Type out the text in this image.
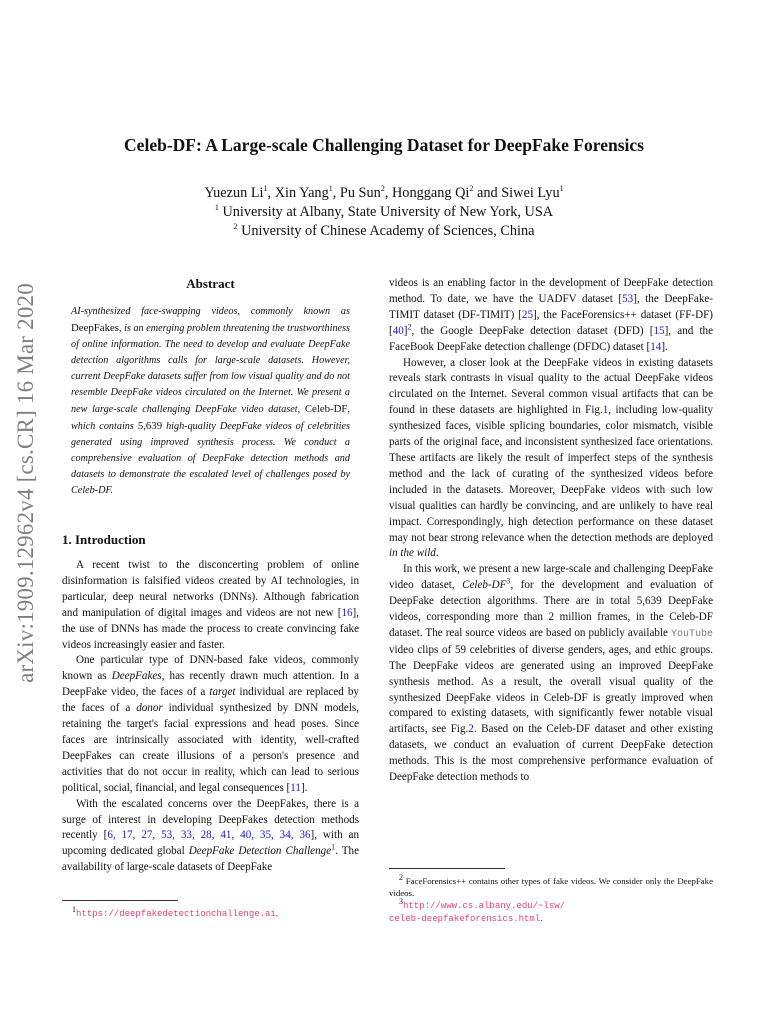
arXiv:1909.12962v4 [cs.CR] 16 Mar 2020
Celeb-DF: A Large-scale Challenging Dataset for DeepFake Forensics
Yuezun Li$^1$, Xin Yang$^1$, Pu Sun$^2$, Honggang Qi$^2$ and Siwei Lyu$^1$
$^1$ University at Albany, State University of New York, USA
$^2$ University of Chinese Academy of Sciences, China
Abstract

AI-synthesized face-swapping videos, commonly known as DeepFakes, is an emerging problem threatening the trustworthiness of online information. The need to develop and evaluate DeepFake detection algorithms calls for large-scale datasets. However, current DeepFake datasets suffer from low visual quality and do not resemble DeepFake videos circulated on the Internet. We present a new large-scale challenging DeepFake video dataset, Celeb-DF, which contains 5,639 high-quality DeepFake videos of celebrities generated using improved synthesis process. We conduct a comprehensive evaluation of DeepFake detection methods and datasets to demonstrate the escalated level of challenges posed by Celeb-DF.

1. Introduction

A recent twist to the disconcerting problem of online disinformation is falsified videos created by AI technologies, in particular, deep neural networks (DNNs). Although fabrication and manipulation of digital images and videos are not new [16], the use of DNNs has made the process to create convincing fake videos increasingly easier and faster.

One particular type of DNN-based fake videos, commonly known as DeepFakes, has recently drawn much attention. In a DeepFake video, the faces of a target individual are replaced by the faces of a donor individual synthesized by DNN models, retaining the target's facial expressions and head poses. Since faces are intrinsically associated with identity, well-crafted DeepFakes can create illusions of a person's presence and activities that do not occur in reality, which can lead to serious political, social, financial, and legal consequences [11].

With the escalated concerns over the DeepFakes, there is a surge of interest in developing DeepFakes detection methods recently [6, 17, 27, 53, 33, 28, 41, 40, 35, 34, 36], with an upcoming dedicated global DeepFake Detection Challenge$^1$. The availability of large-scale datasets of DeepFake

videos is an enabling factor in the development of DeepFake detection method. To date, we have the UADFV dataset [53], the DeepFake-TIMIT dataset (DF-TIMIT) [25], the FaceForensics++ dataset (FF-DF) [40]$^2$, the Google DeepFake detection dataset (DFD) [15], and the FaceBook DeepFake detection challenge (DFDC) dataset [14].

However, a closer look at the DeepFake videos in existing datasets reveals stark contrasts in visual quality to the actual DeepFake videos circulated on the Internet. Several common visual artifacts that can be found in these datasets are highlighted in Fig.1, including low-quality synthesized faces, visible splicing boundaries, color mismatch, visible parts of the original face, and inconsistent synthesized face orientations. These artifacts are likely the result of imperfect steps of the synthesis method and the lack of curating of the synthesized videos before included in the datasets. Moreover, DeepFake videos with such low visual qualities can hardly be convincing, and are unlikely to have real impact. Correspondingly, high detection performance on these dataset may not bear strong relevance when the detection methods are deployed in the wild.

In this work, we present a new large-scale and challenging DeepFake video dataset, Celeb-DF$^3$, for the development and evaluation of DeepFake detection algorithms. There are in total 5,639 DeepFake videos, corresponding more than 2 million frames, in the Celeb-DF dataset. The real source videos are based on publicly available YouTube video clips of 59 celebrities of diverse genders, ages, and ethic groups. The DeepFake videos are generated using an improved DeepFake synthesis method. As a result, the overall visual quality of the synthesized DeepFake videos in Celeb-DF is greatly improved when compared to existing datasets, with significantly fewer notable visual artifacts, see Fig.2. Based on the Celeb-DF dataset and other existing datasets, we conduct an evaluation of current DeepFake detection methods. This is the most comprehensive performance evaluation of DeepFake detection methods to

$^1$https://deepfakedetectionchallenge.ai.

$^2$ FaceForensics++ contains other types of fake videos. We consider only the DeepFake videos.

$^3$http://www.cs.albany.edu/~lsw/

celeb-deepfakeforensics.html.
